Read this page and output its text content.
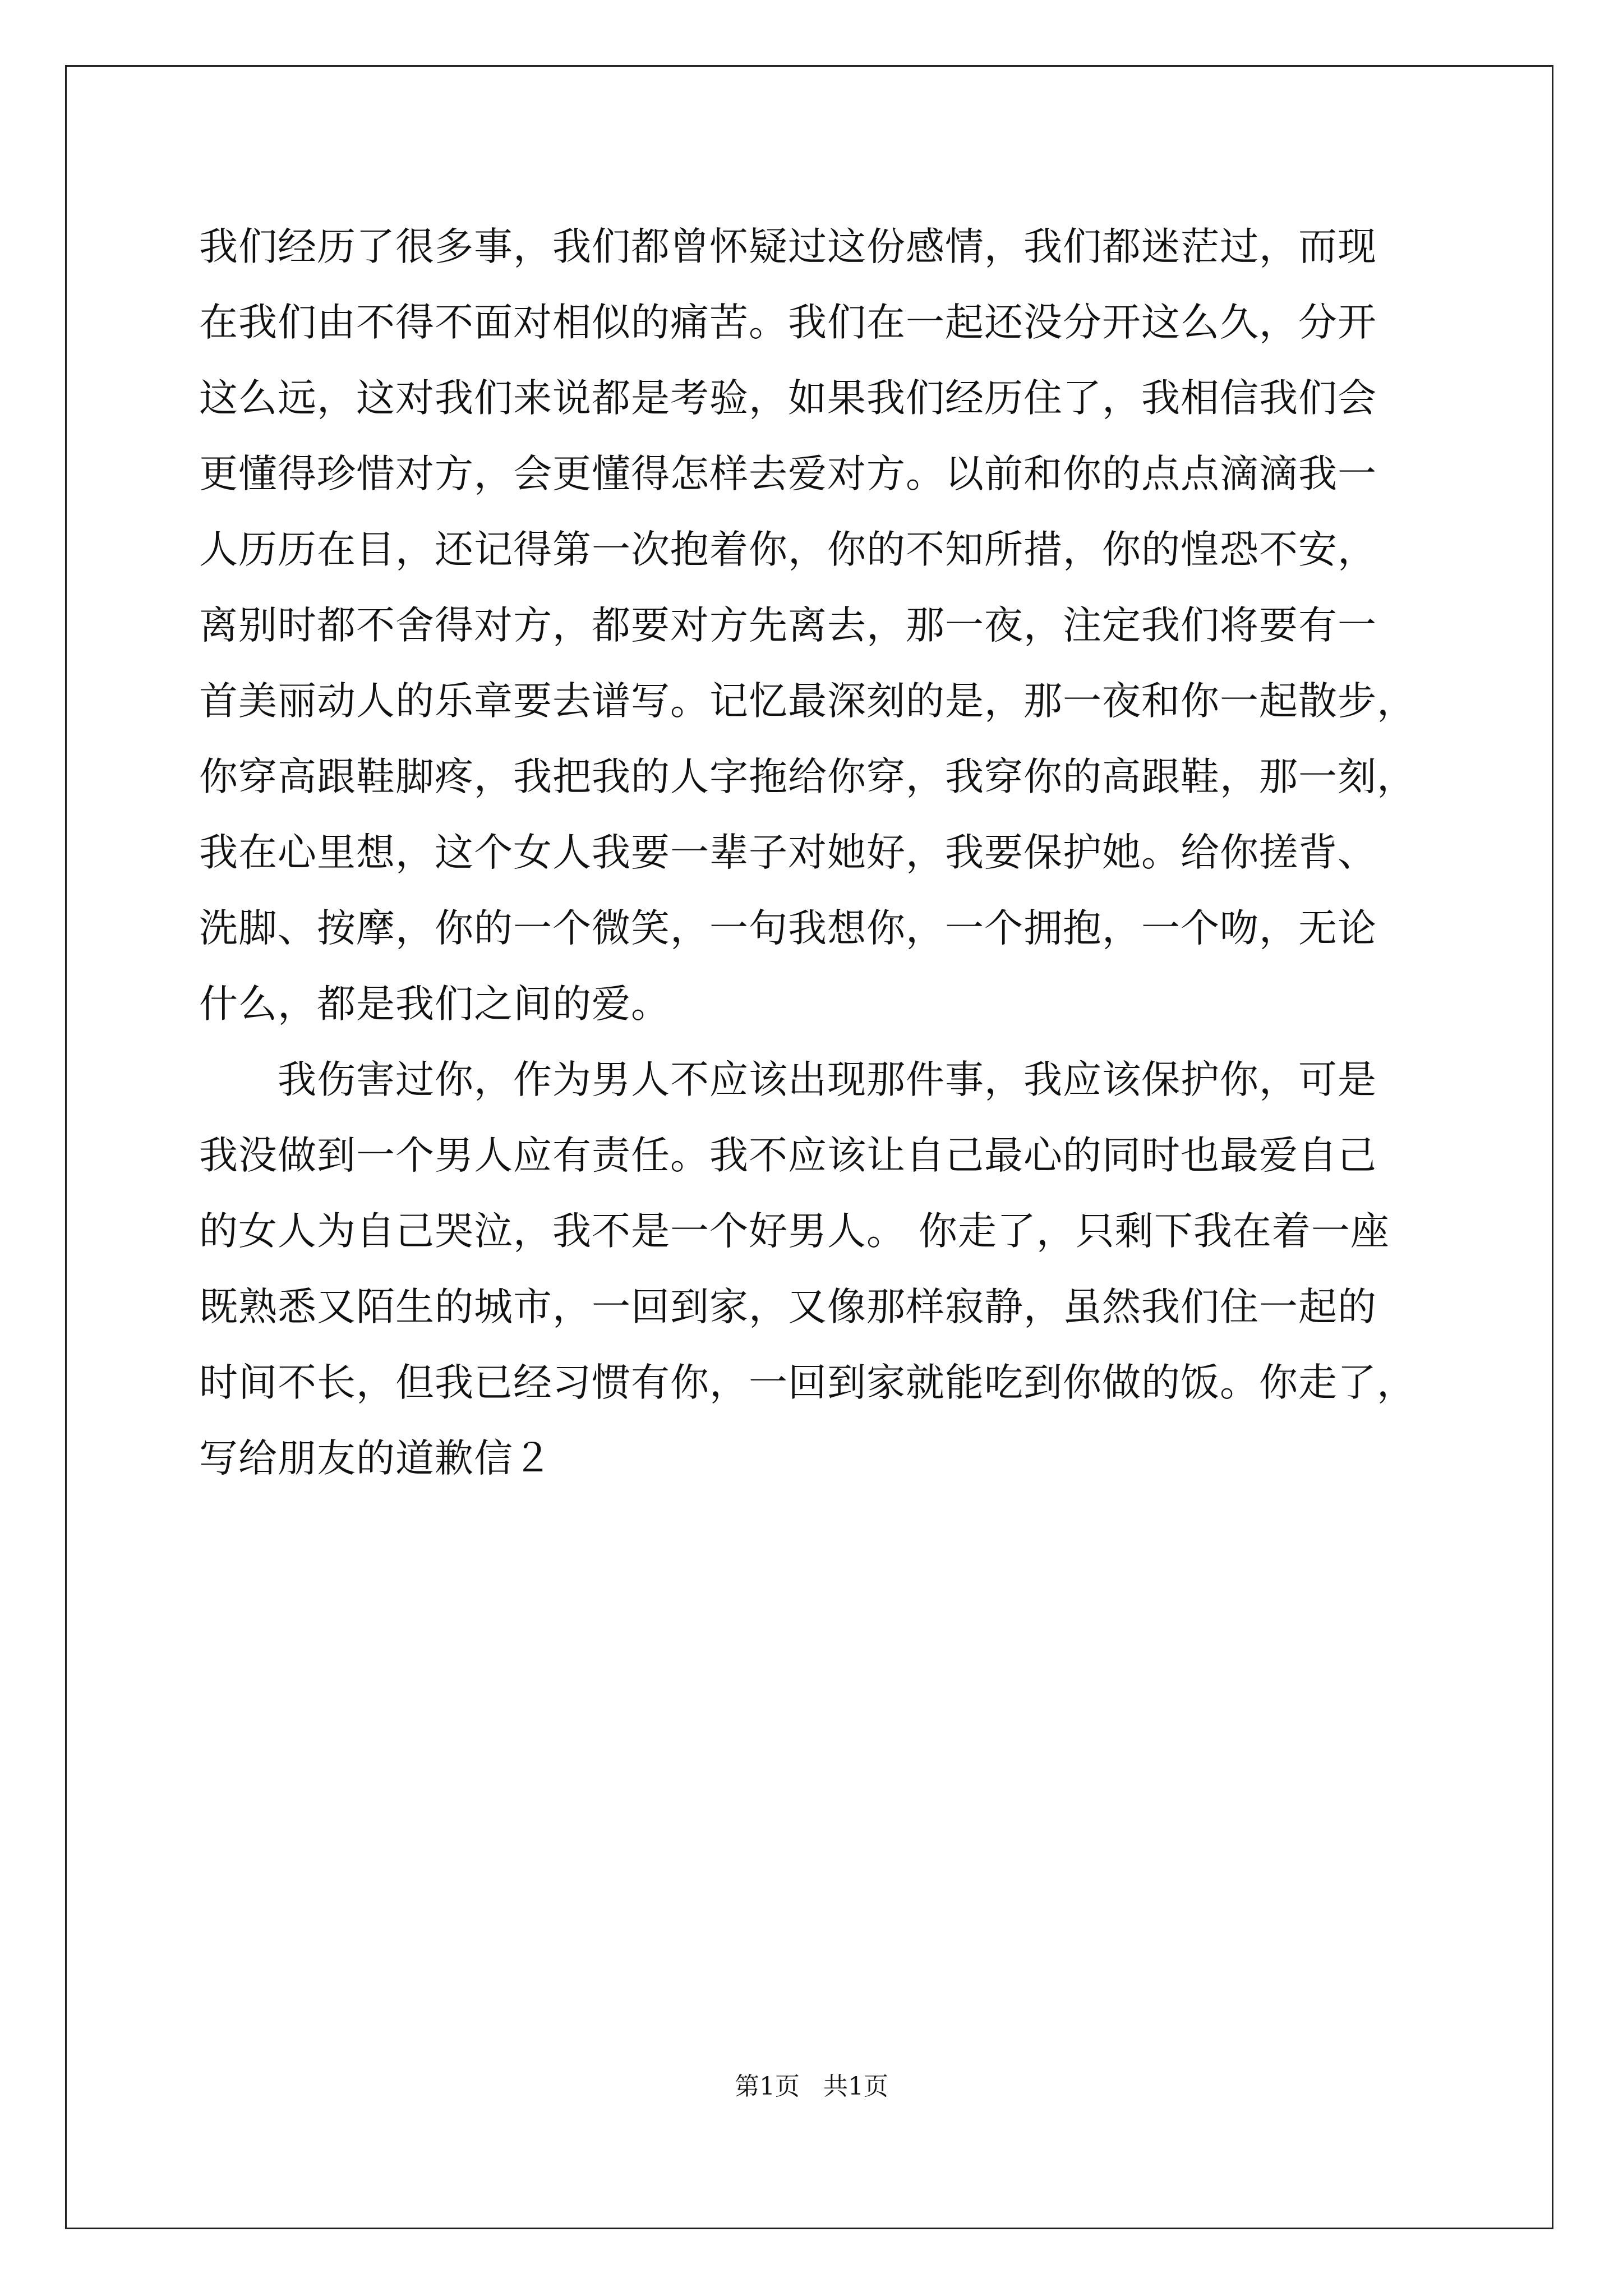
我们经历了很多事，我们都曾怀疑过这份感情，我们都迷茫过，而现
在我们由不得不面对相似的痛苦。我们在一起还没分开这么久，分开
这么远，这对我们来说都是考验，如果我们经历住了，我相信我们会
更懂得珍惜对方，会更懂得怎样去爱对方。以前和你的点点滴滴我一
人历历在目，还记得第一次抱着你，你的不知所措，你的惶恐不安，
离别时都不舍得对方，都要对方先离去，那一夜，注定我们将要有一
首美丽动人的乐章要去谱写。记忆最深刻的是，那一夜和你一起散步，
你穿高跟鞋脚疼，我把我的人字拖给你穿，我穿你的高跟鞋，那一刻，
我在心里想，这个女人我要一辈子对她好，我要保护她。给你搓背、
洗脚、按摩，你的一个微笑，一句我想你，一个拥抱，一个吻，无论
什么，都是我们之间的爱。
我伤害过你，作为男人不应该出现那件事，我应该保护你，可是
我没做到一个男人应有责任。我不应该让自己最心的同时也最爱自己
的女人为自己哭泣，我不是一个好男人。 你走了，只剩下我在着一座
既熟悉又陌生的城市，一回到家，又像那样寂静，虽然我们住一起的
时间不长，但我已经习惯有你，一回到家就能吃到你做的饭。你走了，
写给朋友的道歉信２
第1页   共1页
